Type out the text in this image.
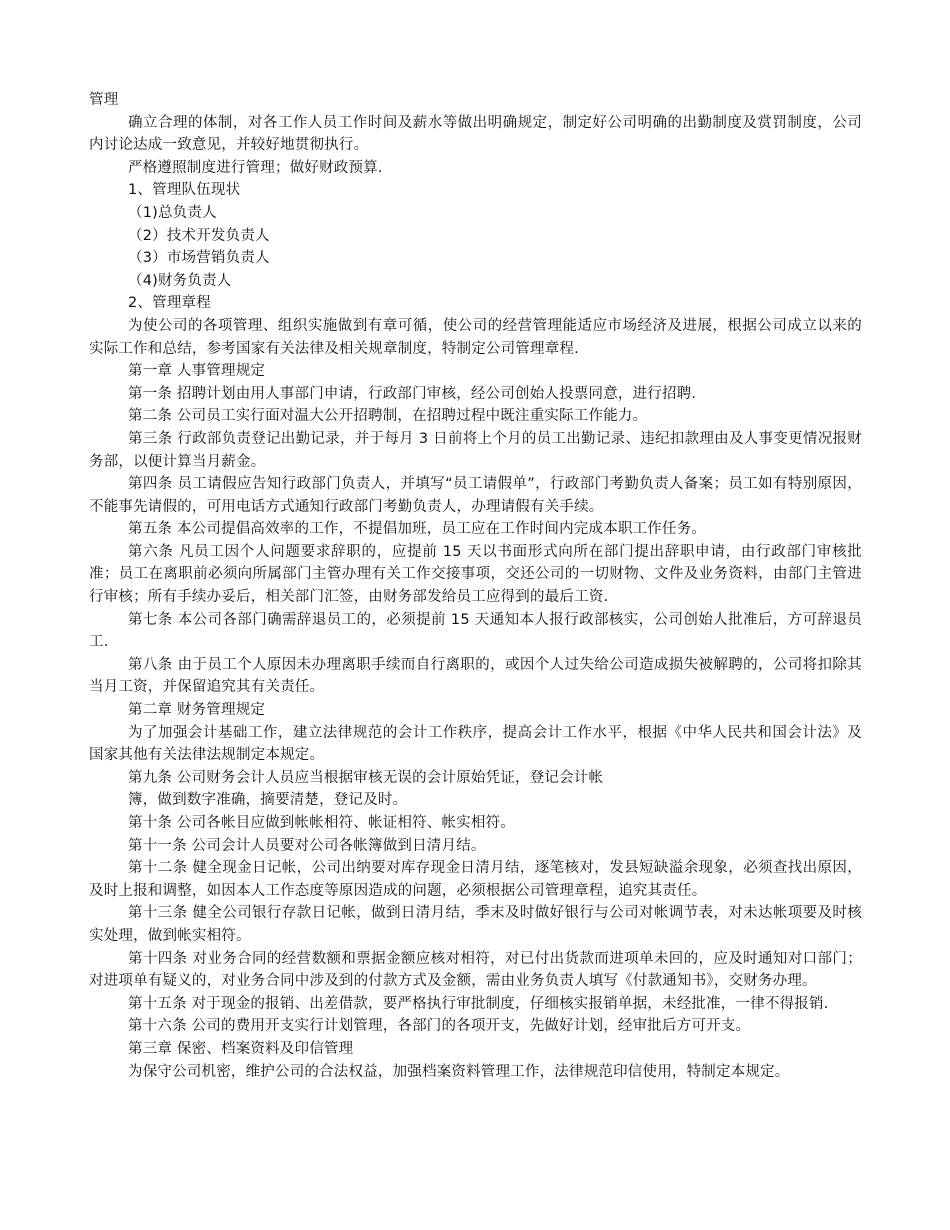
管理

确立合理的体制，对各工作人员工作时间及薪水等做出明确规定，制定好公司明确的出勤制度及赏罚制度，公司内讨论达成一致意见，并较好地贯彻执行。

严格遵照制度进行管理；做好财政预算.

1、管理队伍现状

（1)总负责人

（2）技术开发负责人

（3）市场营销负责人

（4)财务负责人

2、管理章程

为使公司的各项管理、组织实施做到有章可循，使公司的经营管理能适应市场经济及进展，根据公司成立以来的实际工作和总结，参考国家有关法律及相关规章制度，特制定公司管理章程.

第一章 人事管理规定

第一条 招聘计划由用人事部门申请，行政部门审核，经公司创始人投票同意，进行招聘.

第二条 公司员工实行面对温大公开招聘制，在招聘过程中既注重实际工作能力。

第三条 行政部负责登记出勤记录，并于每月 3 日前将上个月的员工出勤记录、违纪扣款理由及人事变更情况报财务部，以便计算当月薪金。

第四条 员工请假应告知行政部门负责人，并填写“员工请假单”，行政部门考勤负责人备案；员工如有特别原因，不能事先请假的，可用电话方式通知行政部门考勤负责人，办理请假有关手续。

第五条 本公司提倡高效率的工作，不提倡加班，员工应在工作时间内完成本职工作任务。

第六条 凡员工因个人问题要求辞职的，应提前 15 天以书面形式向所在部门提出辞职申请，由行政部门审核批准；员工在离职前必须向所属部门主管办理有关工作交接事项，交还公司的一切财物、文件及业务资料，由部门主管进行审核；所有手续办妥后，相关部门汇签，由财务部发给员工应得到的最后工资.

第七条 本公司各部门确需辞退员工的，必须提前 15 天通知本人报行政部核实，公司创始人批准后，方可辞退员工.

第八条 由于员工个人原因未办理离职手续而自行离职的，或因个人过失给公司造成损失被解聘的，公司将扣除其当月工资，并保留追究其有关责任。

第二章 财务管理规定

为了加强会计基础工作，建立法律规范的会计工作秩序，提高会计工作水平，根据《中华人民共和国会计法》及国家其他有关法律法规制定本规定。

第九条 公司财务会计人员应当根据审核无误的会计原始凭证，登记会计帐

簿，做到数字准确，摘要清楚，登记及时。

第十条 公司各帐目应做到帐帐相符、帐证相符、帐实相符。

第十一条 公司会计人员要对公司各帐簿做到日清月结。

第十二条 健全现金日记帐，公司出纳要对库存现金日清月结，逐笔核对，发县短缺溢余现象，必须查找出原因，及时上报和调整，如因本人工作态度等原因造成的问题，必须根据公司管理章程，追究其责任。

第十三条 健全公司银行存款日记帐，做到日清月结，季末及时做好银行与公司对帐调节表，对未达帐项要及时核实处理，做到帐实相符。

第十四条 对业务合同的经营数额和票据金额应核对相符，对已付出货款而进项单未回的，应及时通知对口部门；对进项单有疑义的，对业务合同中涉及到的付款方式及金额，需由业务负责人填写《付款通知书》，交财务办理。

第十五条 对于现金的报销、出差借款，要严格执行审批制度，仔细核实报销单据，未经批准，一律不得报销.

第十六条 公司的费用开支实行计划管理，各部门的各项开支，先做好计划，经审批后方可开支。

第三章 保密、档案资料及印信管理

为保守公司机密，维护公司的合法权益，加强档案资料管理工作，法律规范印信使用，特制定本规定。
